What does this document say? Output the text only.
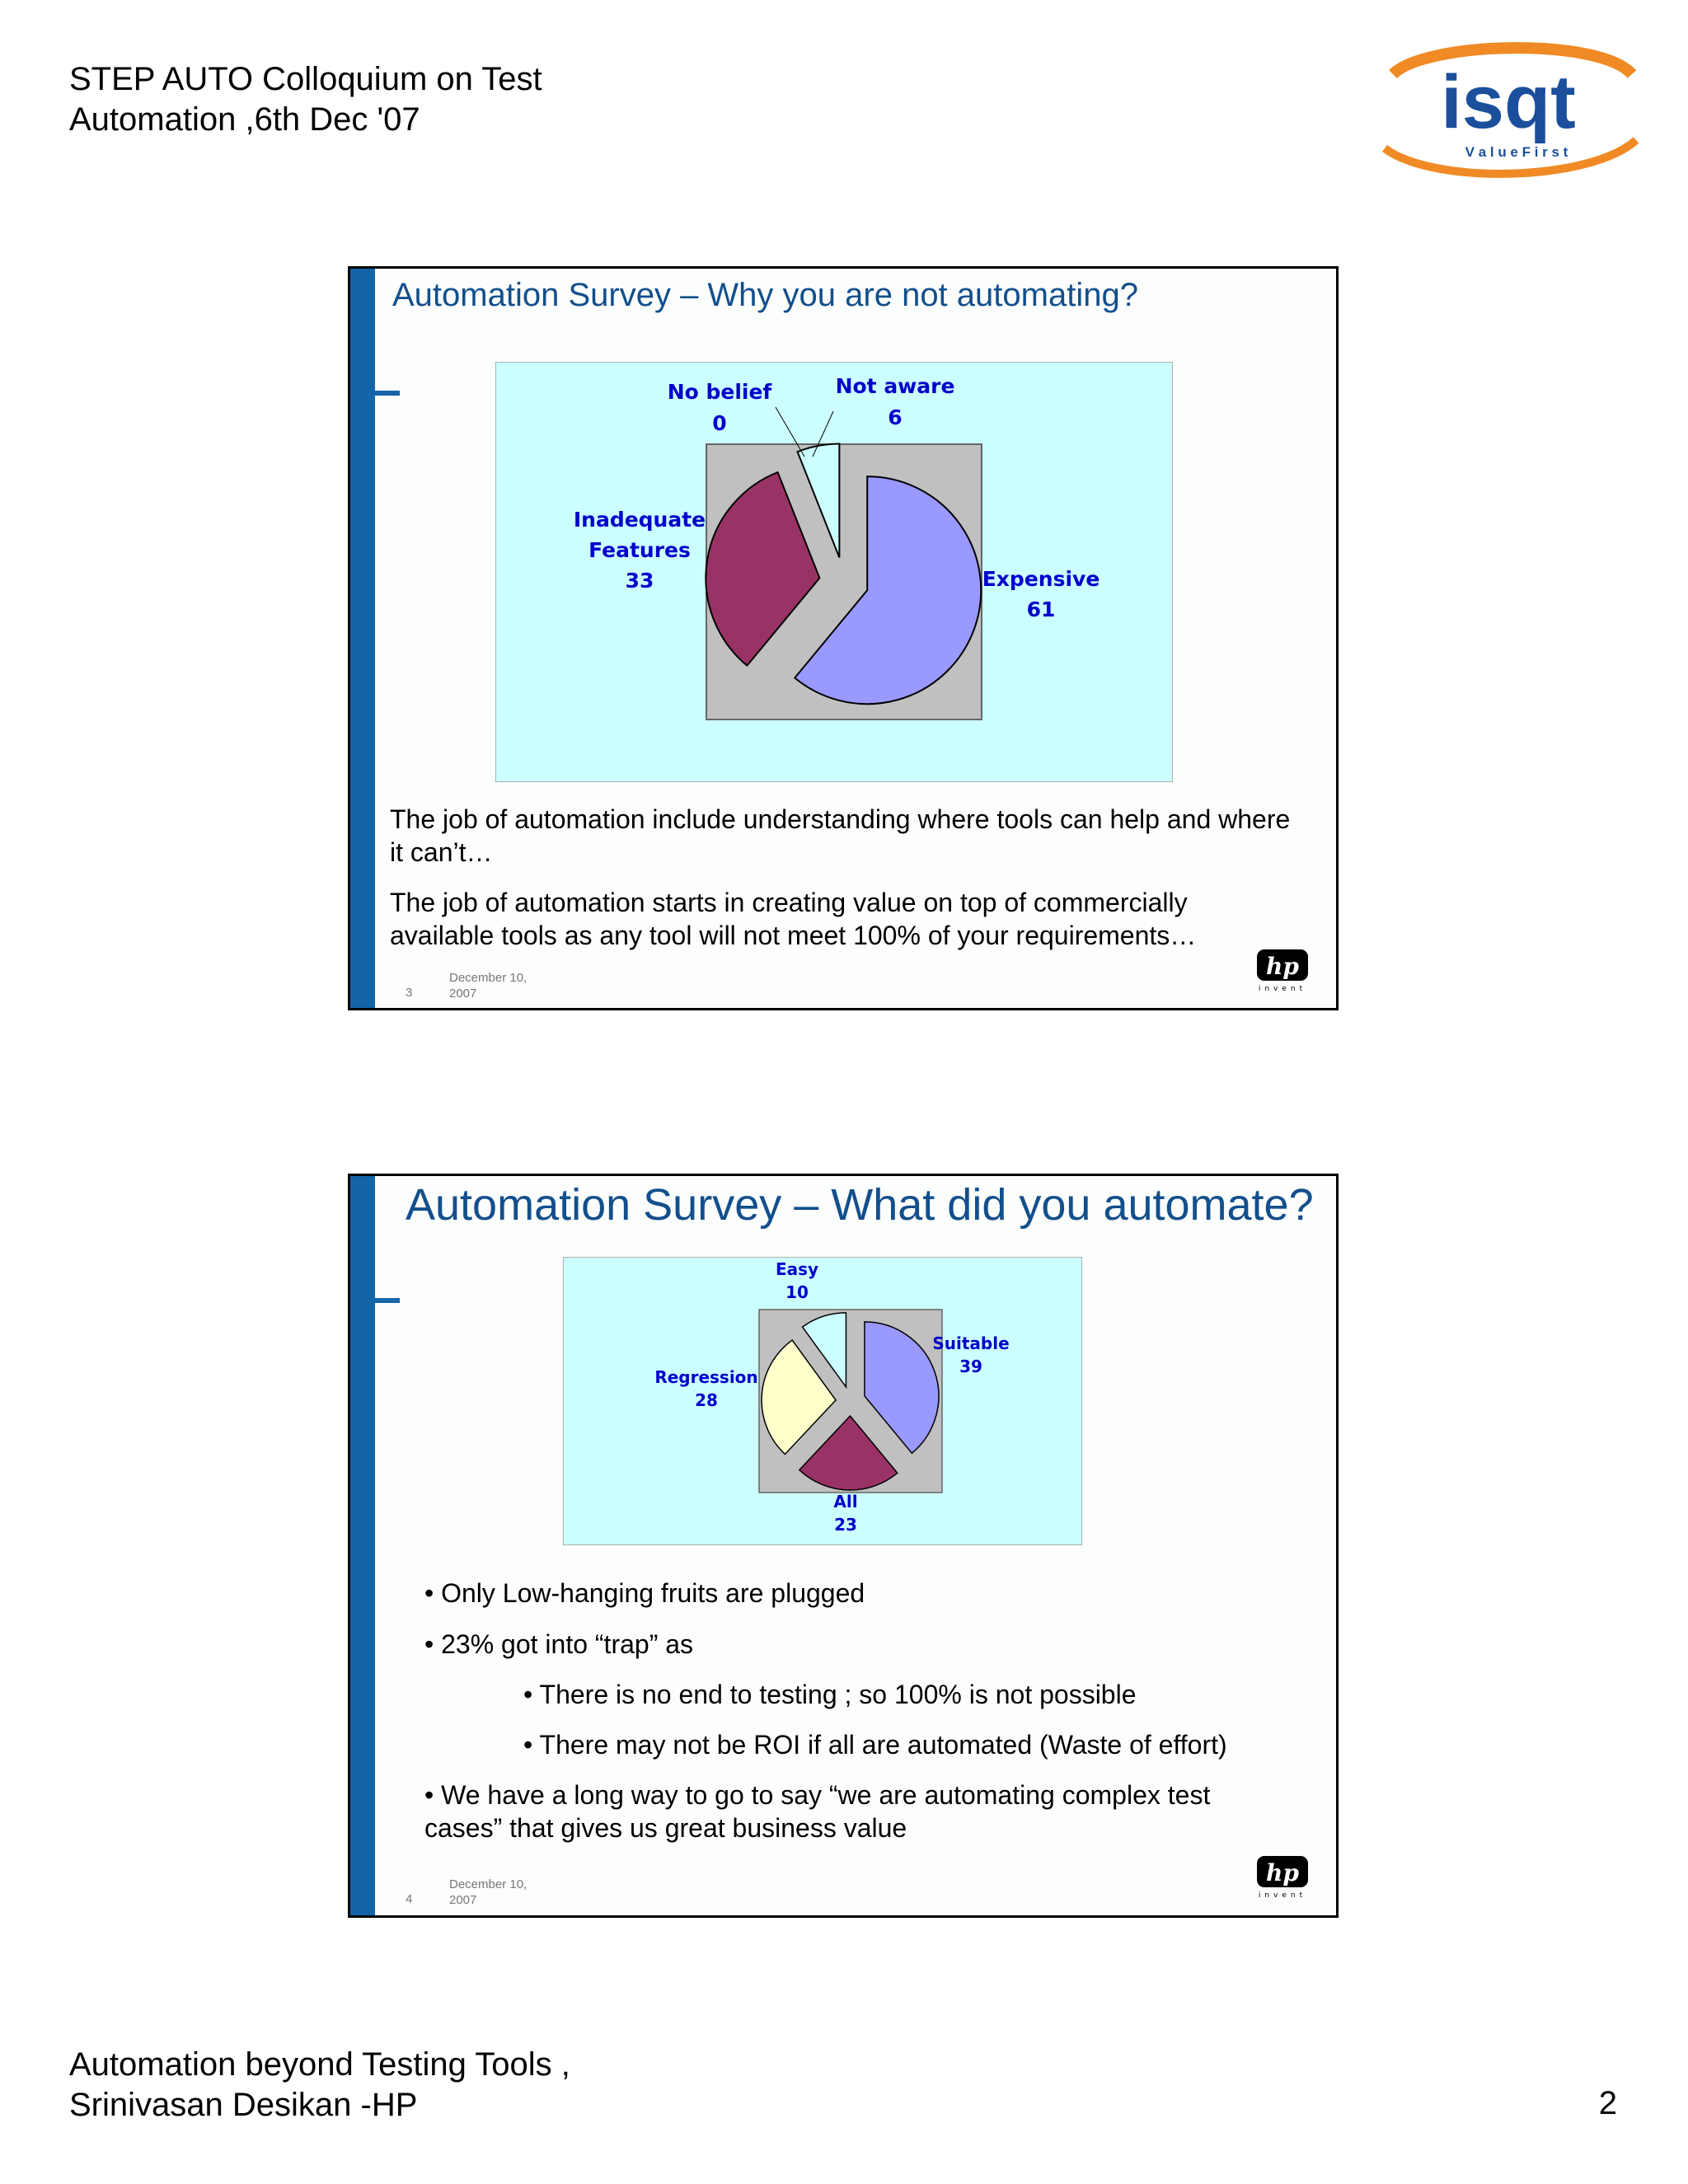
STEP AUTO Colloquium on Test
Automation ,6th Dec '07	isqt
V a l u e F i r s t
Automation Survey – Why you are not automating?
No belief
0
Not aware
6
Inadequate
Features
33	Expensive
61
The job of automation include understanding where tools can help and where
it can’t…
The job of automation starts in creating value on top of commercially
available tools as any tool will not meet 100% of your requirements…
3
December 10,
2007
hp
invent
Automation Survey – What did you automate?
Easy
10
Suitable
39
Regression
28
All
23
• Only Low-hanging fruits are plugged
• 23% got into “trap” as
• There is no end to testing ; so 100% is not possible
• There may not be ROI if all are automated (Waste of effort)
• We have a long way to go to say “we are automating complex test
cases” that gives us great business value
4
December 10,
2007
hp
invent
Automation beyond Testing Tools ,
Srinivasan Desikan -HP	2
